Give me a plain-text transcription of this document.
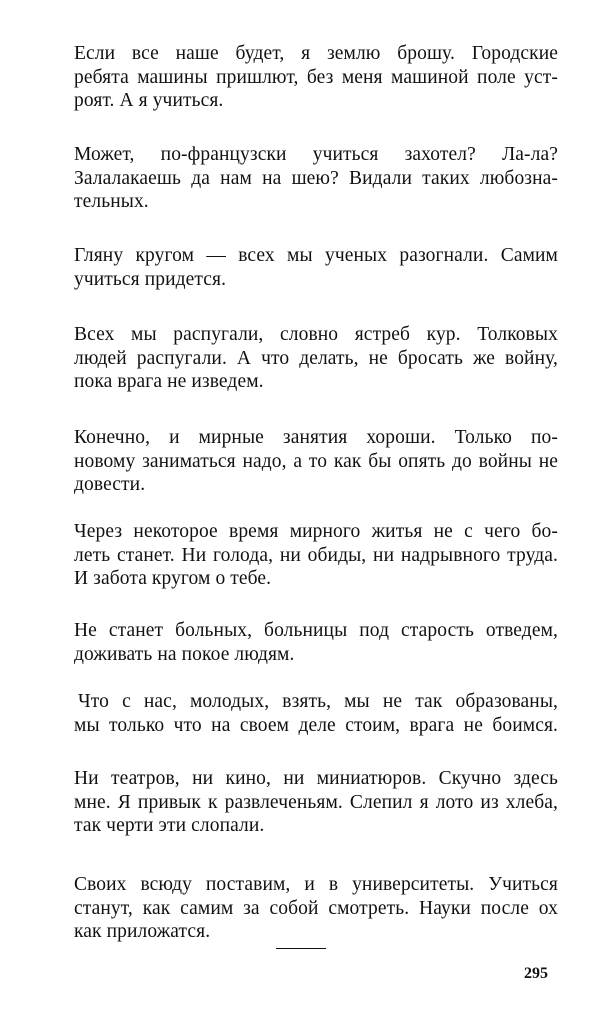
Если все наше будет, я землю брошу. Городские
ребята машины пришлют, без меня машиной поле уст-
роят. А я учиться.

Может, по-французски учиться захотел? Ла-ла?
Залалакаешь да нам на шею? Видали таких любозна-
тельных.

Гляну кругом — всех мы ученых разогнали. Самим
учиться придется.

Всех мы распугали, словно ястреб кур. Толковых
людей распугали. А что делать, не бросать же войну,
пока врага не изведем.

Конечно, и мирные занятия хороши. Только по-
новому заниматься надо, а то как бы опять до войны не
довести.

Через некоторое время мирного житья не с чего бо-
леть станет. Ни голода, ни обиды, ни надрывного труда.
И забота кругом о тебе.

Не станет больных, больницы под старость отведем,
доживать на покое людям.

Что с нас, молодых, взять, мы не так образованы,
мы только что на своем деле стоим, врага не боимся.

Ни театров, ни кино, ни миниатюров. Скучно здесь
мне. Я привык к развлеченьям. Слепил я лото из хлеба,
так черти эти слопали.

Своих всюду поставим, и в университеты. Учиться
станут, как самим за собой смотреть. Науки после ох
как приложатся.

295
